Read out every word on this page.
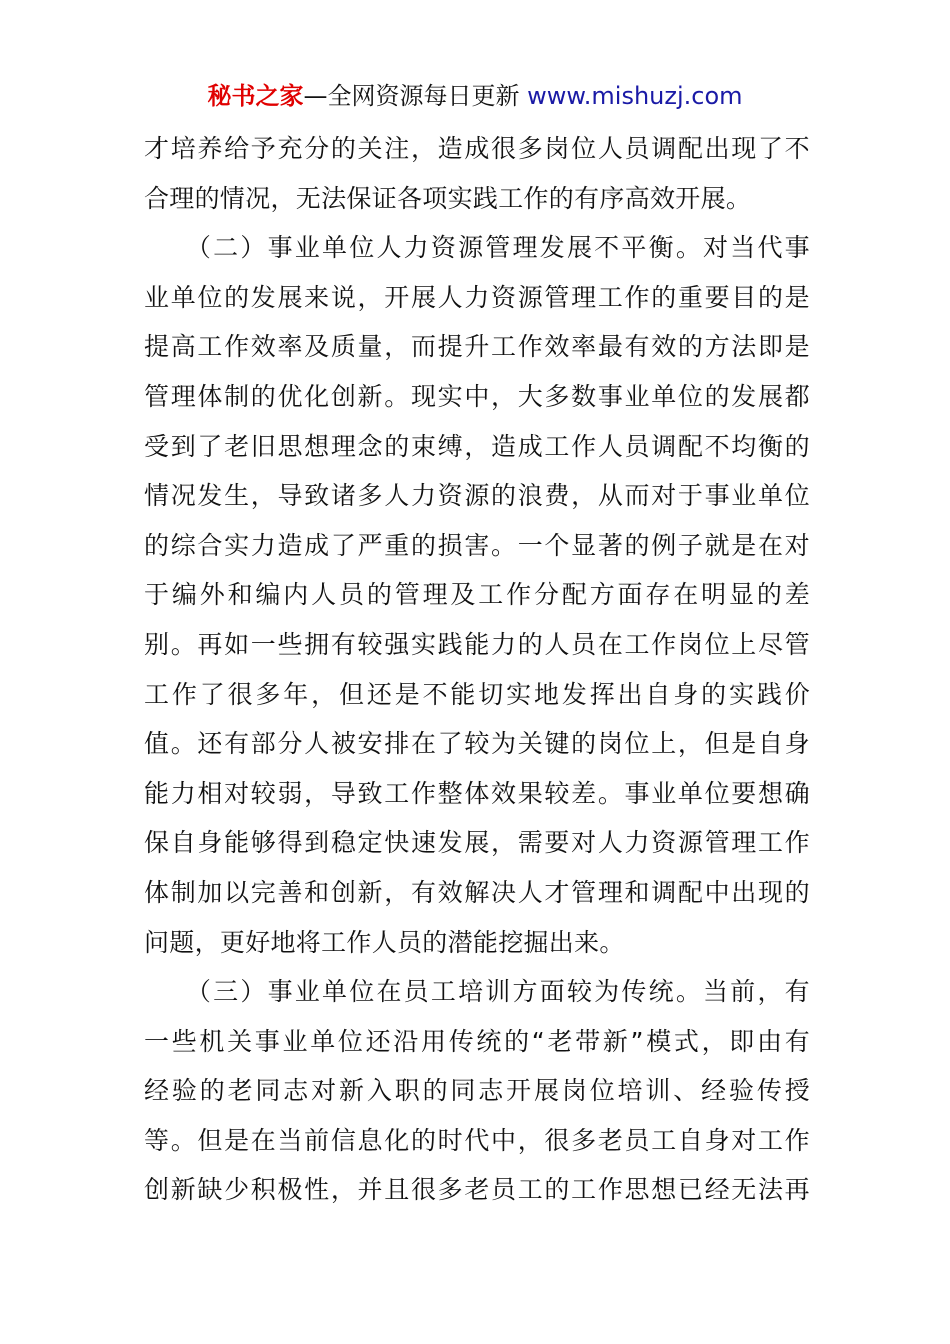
秘书之家—全网资源每日更新 www.mishuzj.com
才培养给予充分的关注，造成很多岗位人员调配出现了不
合理的情况，无法保证各项实践工作的有序高效开展。
　　（二）事业单位人力资源管理发展不平衡。对当代事
业单位的发展来说，开展人力资源管理工作的重要目的是
提高工作效率及质量，而提升工作效率最有效的方法即是
管理体制的优化创新。现实中，大多数事业单位的发展都
受到了老旧思想理念的束缚，造成工作人员调配不均衡的
情况发生，导致诸多人力资源的浪费，从而对于事业单位
的综合实力造成了严重的损害。一个显著的例子就是在对
于编外和编内人员的管理及工作分配方面存在明显的差
别。再如一些拥有较强实践能力的人员在工作岗位上尽管
工作了很多年，但还是不能切实地发挥出自身的实践价
值。还有部分人被安排在了较为关键的岗位上，但是自身
能力相对较弱，导致工作整体效果较差。事业单位要想确
保自身能够得到稳定快速发展，需要对人力资源管理工作
体制加以完善和创新，有效解决人才管理和调配中出现的
问题，更好地将工作人员的潜能挖掘出来。
　　（三）事业单位在员工培训方面较为传统。当前，有
一些机关事业单位还沿用传统的“老带新”模式，即由有
经验的老同志对新入职的同志开展岗位培训、经验传授
等。但是在当前信息化的时代中，很多老员工自身对工作
创新缺少积极性，并且很多老员工的工作思想已经无法再
